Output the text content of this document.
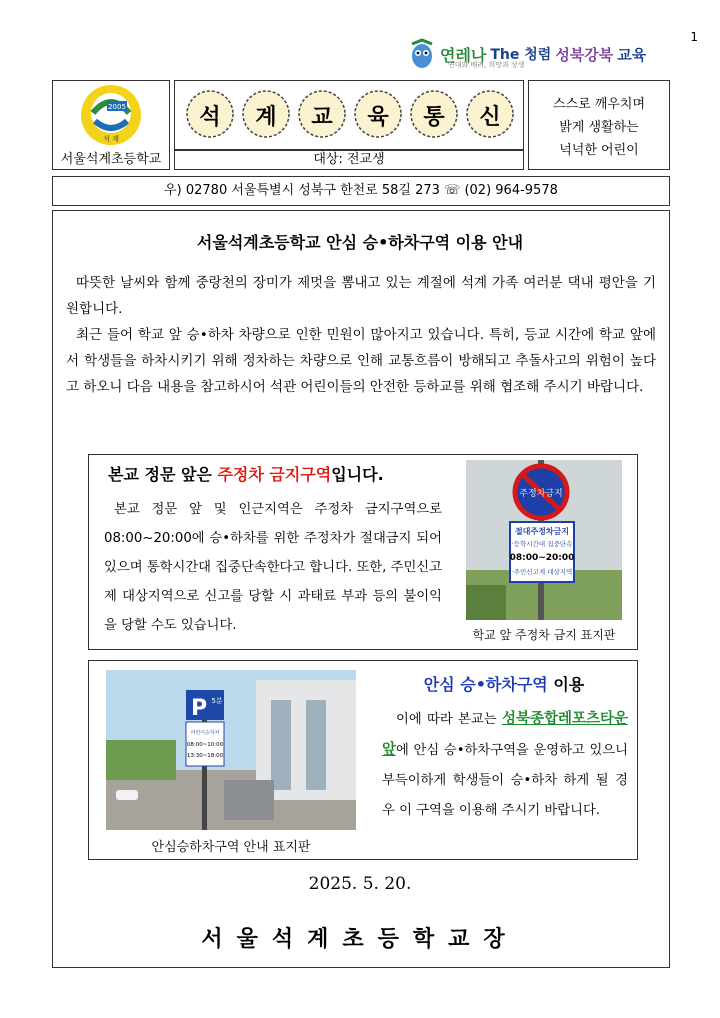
1
연레나 The 청렴 성북강북 교육
연대와 배려, 희망과 상생
2005
석 계
서울석계초등학교
석	계	교	육	통	신
대상: 전교생
스스로 깨우치며
밝게 생활하는
넉넉한 어린이
우) 02780 서울특별시 성북구 한천로 58길 273 ☏ (02) 964-9578
서울석계초등학교 안심 승•하차구역 이용 안내

따뜻한 날씨와 함께 중랑천의 장미가 제멋을 뽐내고 있는 계절에 석계 가족 여러분 댁내 평안을 기원합니다.

최근 들어 학교 앞 승•하차 차량으로 인한 민원이 많아지고 있습니다. 특히, 등교 시간에 학교 앞에서 학생들을 하차시키기 위해 정차하는 차량으로 인해 교통흐름이 방해되고 추돌사고의 위험이 높다고 하오니 다음 내용을 참고하시어 석관 어린이들의 안전한 등하교를 위해 협조해 주시기 바랍니다.

본교 정문 앞은 주정차 금지구역입니다.

본교 정문 앞 및 인근지역은 주정차 금지구역으로 08:00~20:00에 승•하차를 위한 주정차가 절대금지 되어 있으며 통학시간대 집중단속한다고 합니다. 또한, 주민신고제 대상지역으로 신고를 당할 시 과태료 부과 등의 불이익을 당할 수도 있습니다.

주정차금지
절대주정차금지
·등학시간대 집중단속
08:00~20:00
·주민신고제 대상지역
학교 앞 주정차 금지 표지판
P 5분
어린이승하차
08:00~10:00
13:30~18:00
안심승하차구역 안내 표지판
안심 승•하차구역 이용

이에 따라 본교는 성북종합레포츠타운 앞에 안심 승•하차구역을 운영하고 있으니 부득이하게 학생들이 승•하차 하게 될 경우 이 구역을 이용해 주시기 바랍니다.

2025. 5. 20.
서울석계초등학교장
